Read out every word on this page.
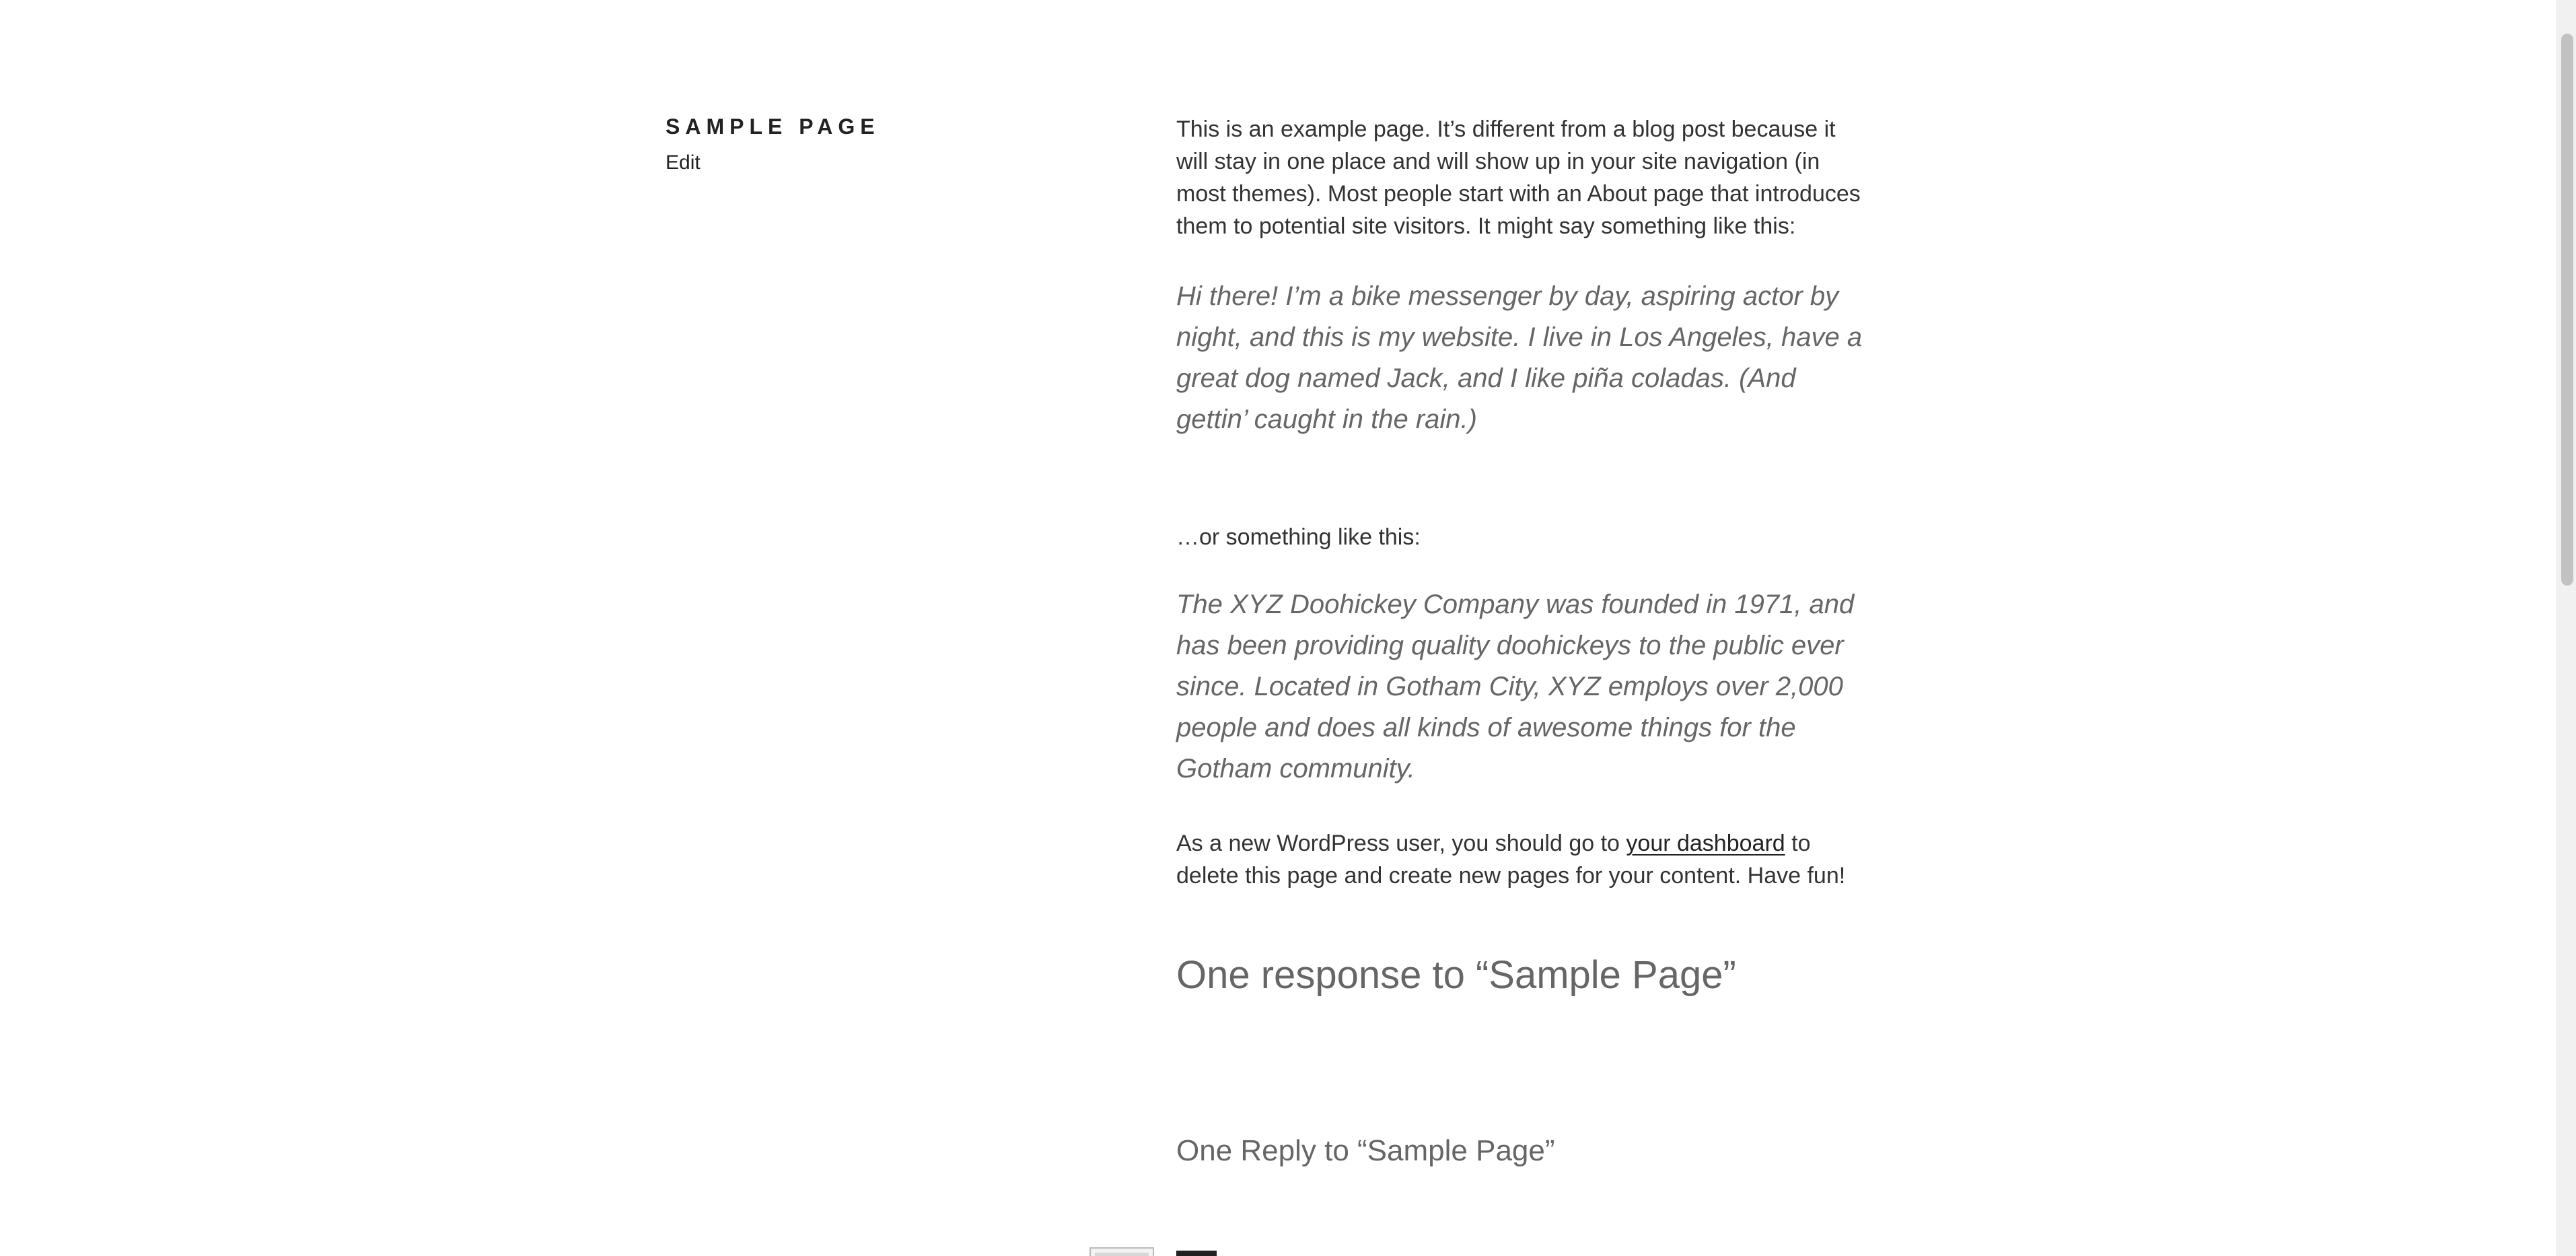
SAMPLE PAGE
Edit

This is an example page. It’s different from a blog post because it will stay in one place and will show up in your site navigation (in most themes). Most people start with an About page that introduces them to potential site visitors. It might say something like this:

Hi there! I’m a bike messenger by day, aspiring actor by night, and this is my website. I live in Los Angeles, have a great dog named Jack, and I like piña coladas. (And gettin’ caught in the rain.)

…or something like this:

The XYZ Doohickey Company was founded in 1971, and has been providing quality doohickeys to the public ever since. Located in Gotham City, XYZ employs over 2,000 people and does all kinds of awesome things for the Gotham community.

As a new WordPress user, you should go to your dashboard to delete this page and create new pages for your content. Have fun!

One response to “Sample Page”
One Reply to “Sample Page”
